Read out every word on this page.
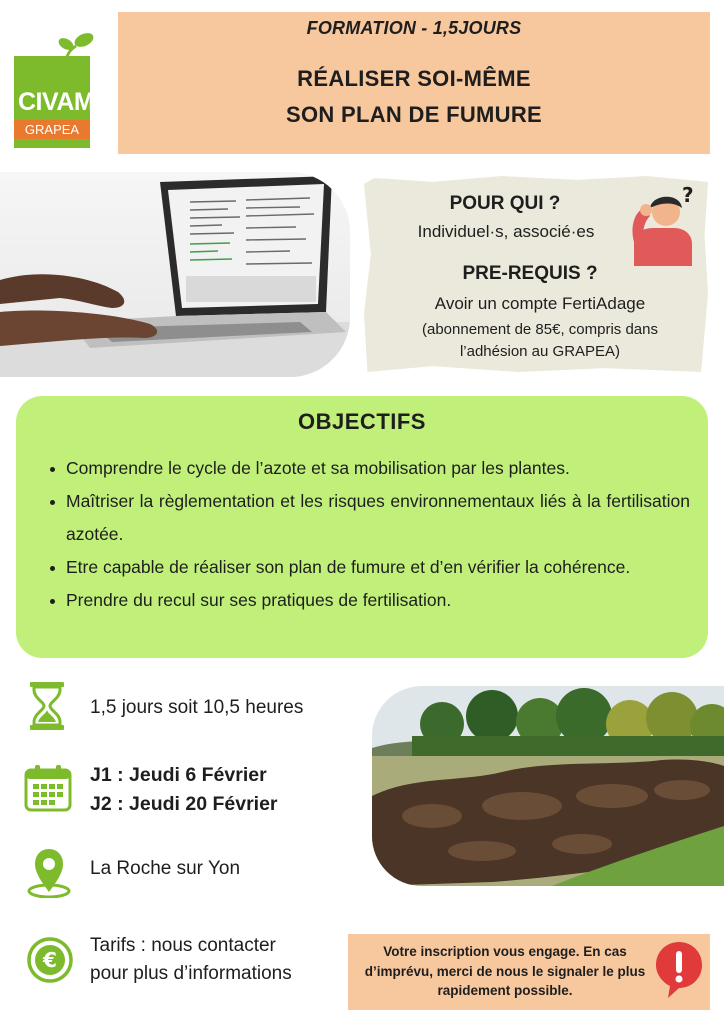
CIVAM
GRAPEA
FORMATION - 1,5JOURS
RÉALISER SOI-MÊME
SON PLAN DE FUMURE
POUR QUI ?
Individuel·s, associé·es
PRE-REQUIS ?
Avoir un compte FertiAdage
(abonnement de 85€, compris dans
l’adhésion au GRAPEA)
?
OBJECTIFS
Comprendre le cycle de l’azote et sa mobilisation par les plantes.
Maîtriser la règlementation et les risques environnementaux liés à la fertilisation azotée.
Etre capable de réaliser son plan de fumure et d’en vérifier la cohérence.
Prendre du recul sur ses pratiques de fertilisation.
1,5 jours soit 10,5 heures
J1 : Jeudi 6 Février
J2 : Jeudi 20 Février
La Roche sur Yon
€
Tarifs : nous contacter
pour plus d’informations
Votre inscription vous engage. En cas d’imprévu, merci de nous le signaler le plus rapidement possible.
